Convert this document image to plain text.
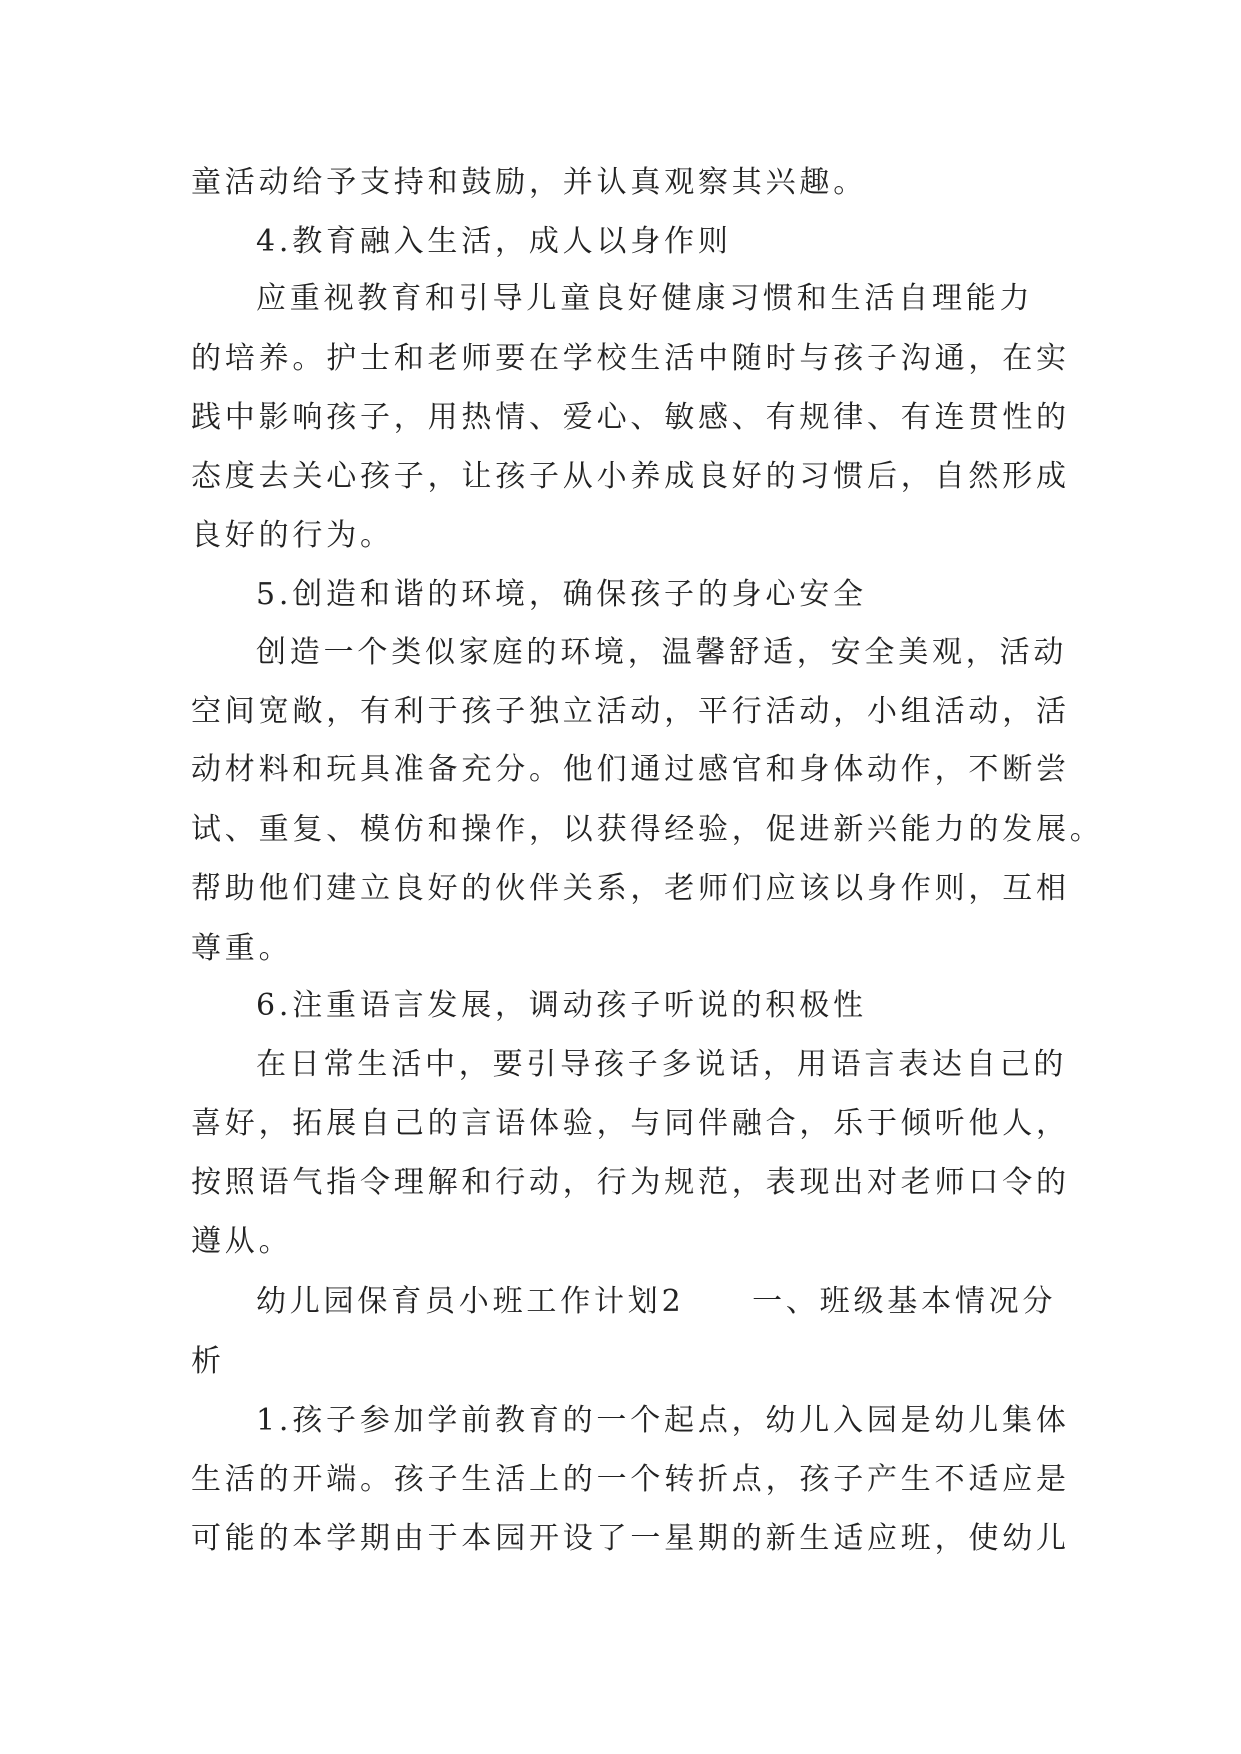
童活动给予支持和鼓励，并认真观察其兴趣。
4.教育融入生活，成人以身作则
应重视教育和引导儿童良好健康习惯和生活自理能力
的培养。护士和老师要在学校生活中随时与孩子沟通，在实
践中影响孩子，用热情、爱心、敏感、有规律、有连贯性的
态度去关心孩子，让孩子从小养成良好的习惯后，自然形成
良好的行为。
5.创造和谐的环境，确保孩子的身心安全
创造一个类似家庭的环境，温馨舒适，安全美观，活动
空间宽敞，有利于孩子独立活动，平行活动，小组活动，活
动材料和玩具准备充分。他们通过感官和身体动作，不断尝
试、重复、模仿和操作，以获得经验，促进新兴能力的发展。
帮助他们建立良好的伙伴关系，老师们应该以身作则，互相
尊重。
6.注重语言发展，调动孩子听说的积极性
在日常生活中，要引导孩子多说话，用语言表达自己的
喜好，拓展自己的言语体验，与同伴融合，乐于倾听他人，
按照语气指令理解和行动，行为规范，表现出对老师口令的
遵从。
幼儿园保育员小班工作计划2　　一、班级基本情况分
析
1.孩子参加学前教育的一个起点，幼儿入园是幼儿集体
生活的开端。孩子生活上的一个转折点，孩子产生不适应是
可能的本学期由于本园开设了一星期的新生适应班，使幼儿
